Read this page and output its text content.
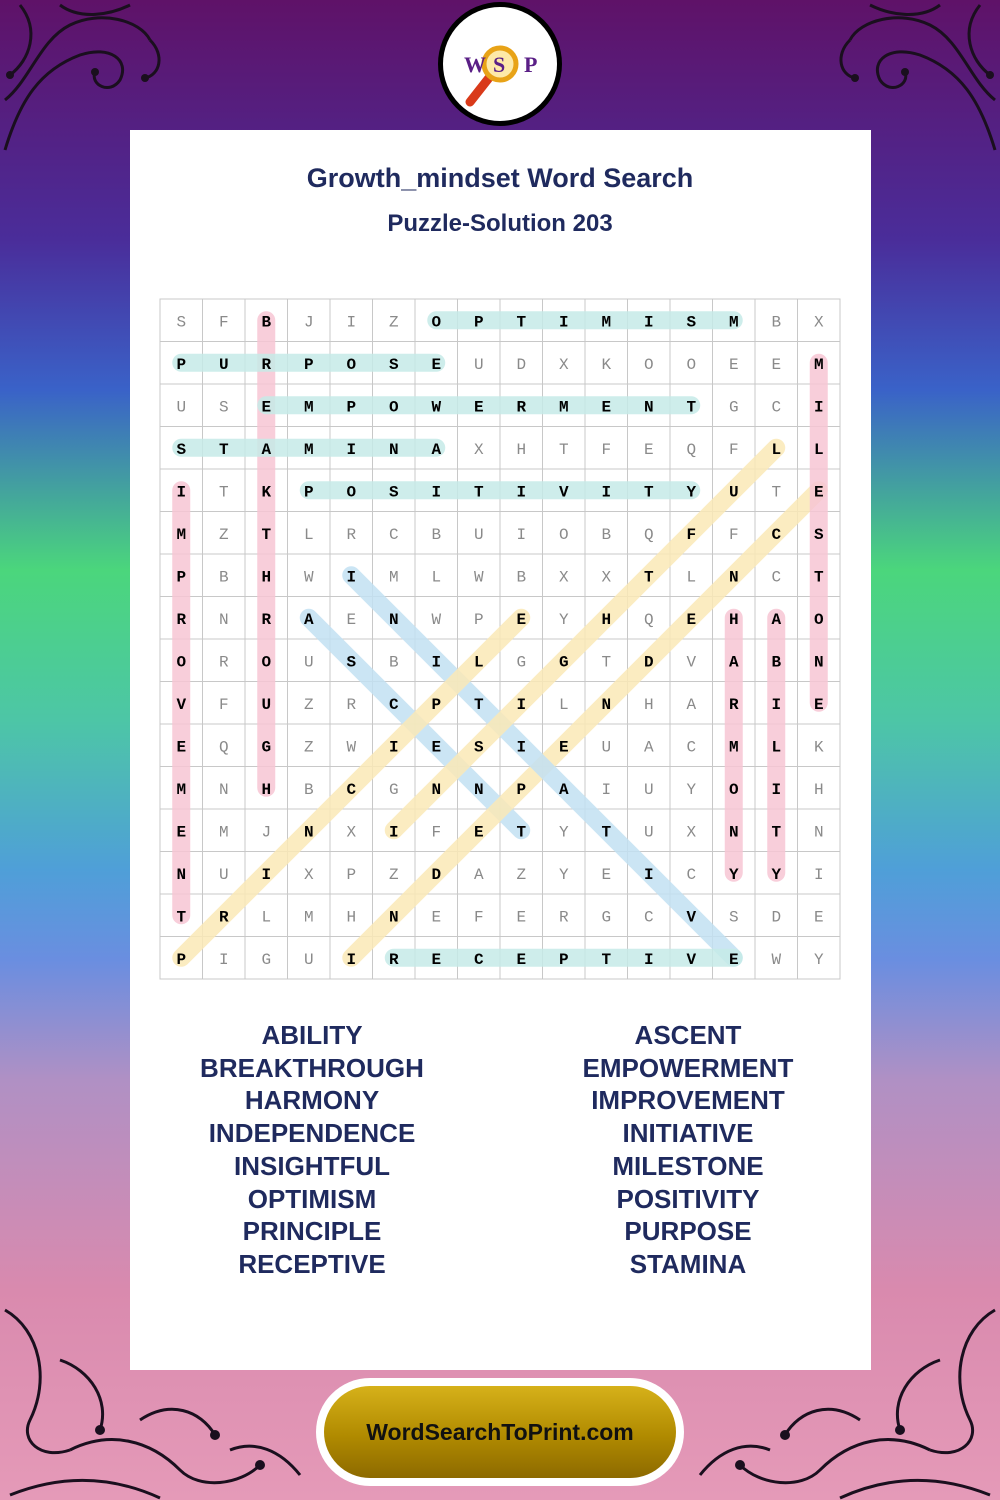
W S P
Growth_mindset Word Search
Puzzle-Solution 203
S F B J I Z O P T I M I S M B X
P U R P O S E U D X K O O E E M
U S E M P O W E R M E N T G C I
S T A M I N A X H T F E Q F L L
I T K P O S I T I V I T Y U T E
M Z T L R C B U I O B Q F F C S
P B H W I M L W B X X T L N C T
R N R A E N W P E Y H Q E H A O
O R O U S B I L G G T D V A B N
V F U Z R C P T I L N H A R I E
E Q G Z W I E S I E U A C M L K
M N H B C G N N P A I U Y O I H
E M J N X I F E T Y T U X N T N
N U I X P Z D A Z Y E I C Y Y I
T R L M H N E F E R G C V S D E
P I G U I R E C E P T I V E W Y
ABILITY
BREAKTHROUGH
HARMONY
INDEPENDENCE
INSIGHTFUL
OPTIMISM
PRINCIPLE
RECEPTIVE
ASCENT
EMPOWERMENT
IMPROVEMENT
INITIATIVE
MILESTONE
POSITIVITY
PURPOSE
STAMINA
WordSearchToPrint.com
